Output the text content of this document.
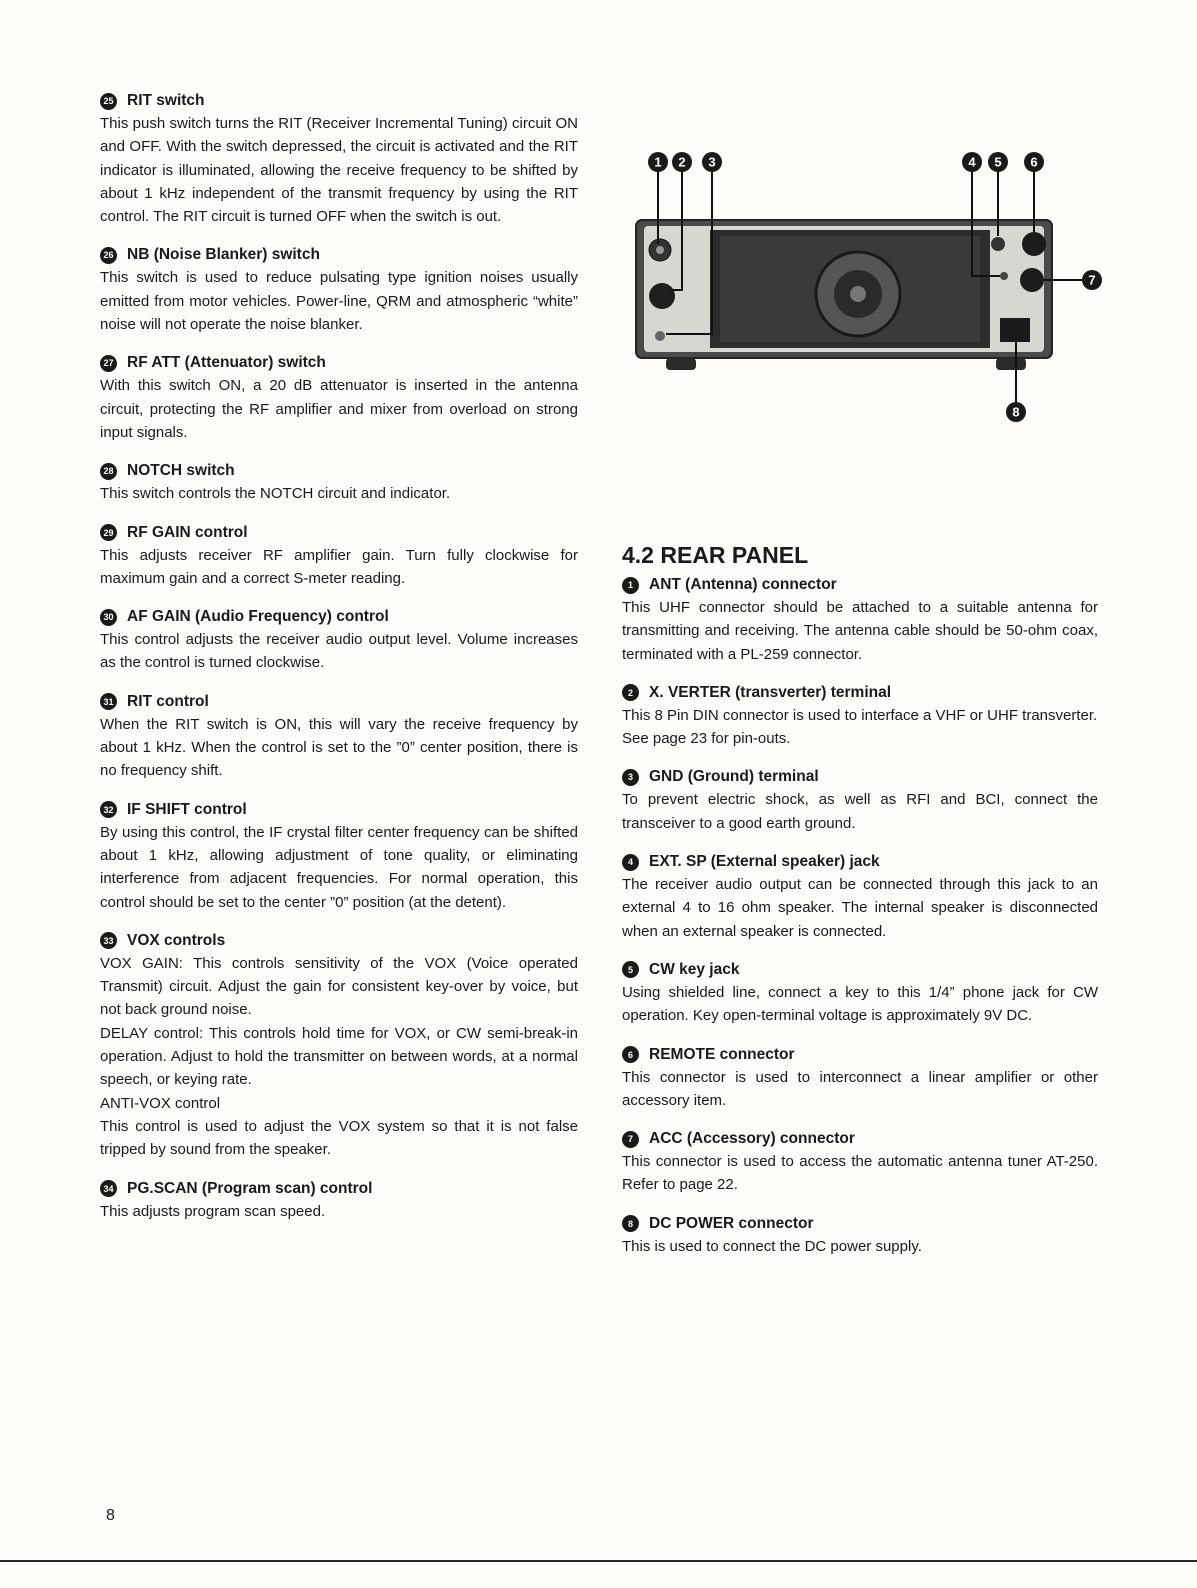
25 RIT switch
This push switch turns the RIT (Receiver Incremental Tuning) circuit ON and OFF. With the switch depressed, the circuit is activated and the RIT indicator is illuminated, allowing the receive frequency to be shifted by about 1 kHz independent of the transmit frequency by using the RIT control. The RIT circuit is turned OFF when the switch is out.
26 NB (Noise Blanker) switch
This switch is used to reduce pulsating type ignition noises usually emitted from motor vehicles. Power-line, QRM and atmospheric “white” noise will not operate the noise blanker.
27 RF ATT (Attenuator) switch
With this switch ON, a 20 dB attenuator is inserted in the antenna circuit, protecting the RF amplifier and mixer from overload on strong input signals.
28 NOTCH switch
This switch controls the NOTCH circuit and indicator.
29 RF GAIN control
This adjusts receiver RF amplifier gain. Turn fully clockwise for maximum gain and a correct S-meter reading.
30 AF GAIN (Audio Frequency) control
This control adjusts the receiver audio output level. Volume increases as the control is turned clockwise.
31 RIT control
When the RIT switch is ON, this will vary the receive frequency by about 1 kHz. When the control is set to the ”0” center position, there is no frequency shift.
32 IF SHIFT control
By using this control, the IF crystal filter center frequency can be shifted about 1 kHz, allowing adjustment of tone quality, or eliminating interference from adjacent frequencies. For normal operation, this control should be set to the center ”0” position (at the detent).
33 VOX controls
VOX GAIN: This controls sensitivity of the VOX (Voice operated Transmit) circuit. Adjust the gain for consistent key-over by voice, but not back ground noise.
DELAY control: This controls hold time for VOX, or CW semi-break-in operation. Adjust to hold the transmitter on between words, at a normal speech, or keying rate.
ANTI-VOX control
This control is used to adjust the VOX system so that it is not false tripped by sound from the speaker.
34 PG.SCAN (Program scan) control
This adjusts program scan speed.
1 2 3	4 5 6
7
8
4.2 REAR PANEL
1	ANT (Antenna) connector
This UHF connector should be attached to a suitable antenna for transmitting and receiving. The antenna cable should be 50-ohm coax, terminated with a PL-259 connector.
2	X. VERTER (transverter) terminal
This 8 Pin DIN connector is used to interface a VHF or UHF transverter.
See page 23 for pin-outs.
3	GND (Ground) terminal
To prevent electric shock, as well as RFI and BCI, connect the transceiver to a good earth ground.
4	EXT. SP (External speaker) jack
The receiver audio output can be connected through this jack to an external 4 to 16 ohm speaker. The internal speaker is disconnected when an external speaker is connected.
5	CW key jack
Using shielded line, connect a key to this 1/4” phone jack for CW operation. Key open-terminal voltage is approximately 9V DC.
6	REMOTE connector
This connector is used to interconnect a linear amplifier or other accessory item.
7	ACC (Accessory) connector
This connector is used to access the automatic antenna tuner AT-250. Refer to page 22.
8	DC POWER connector
This is used to connect the DC power supply.
8
